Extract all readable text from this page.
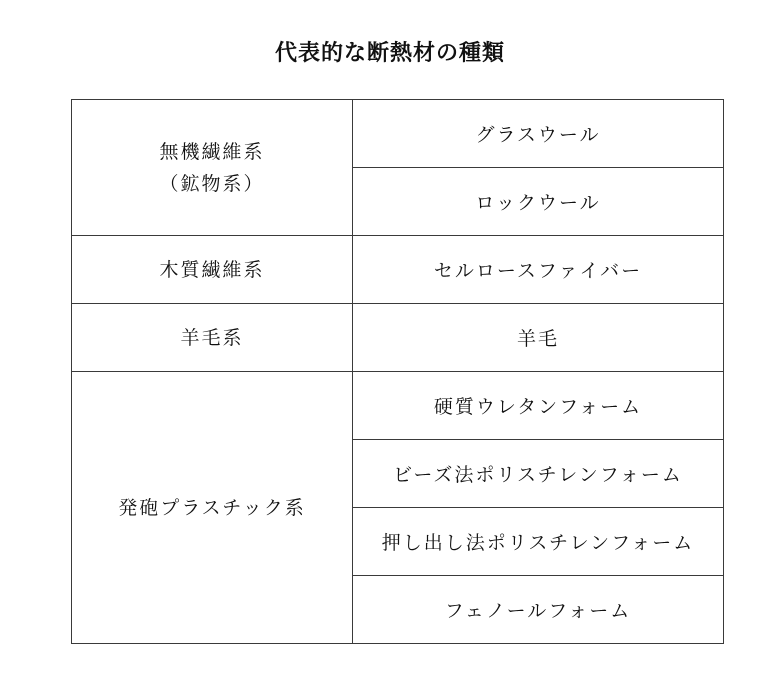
代表的な断熱材の種類
無機繊維系
（鉱物系）	グラスウール
	ロックウール
木質繊維系	セルロースファイバー
羊毛系	羊毛
発砲プラスチック系	硬質ウレタンフォーム
	ビーズ法ポリスチレンフォーム
	押し出し法ポリスチレンフォーム
	フェノールフォーム
